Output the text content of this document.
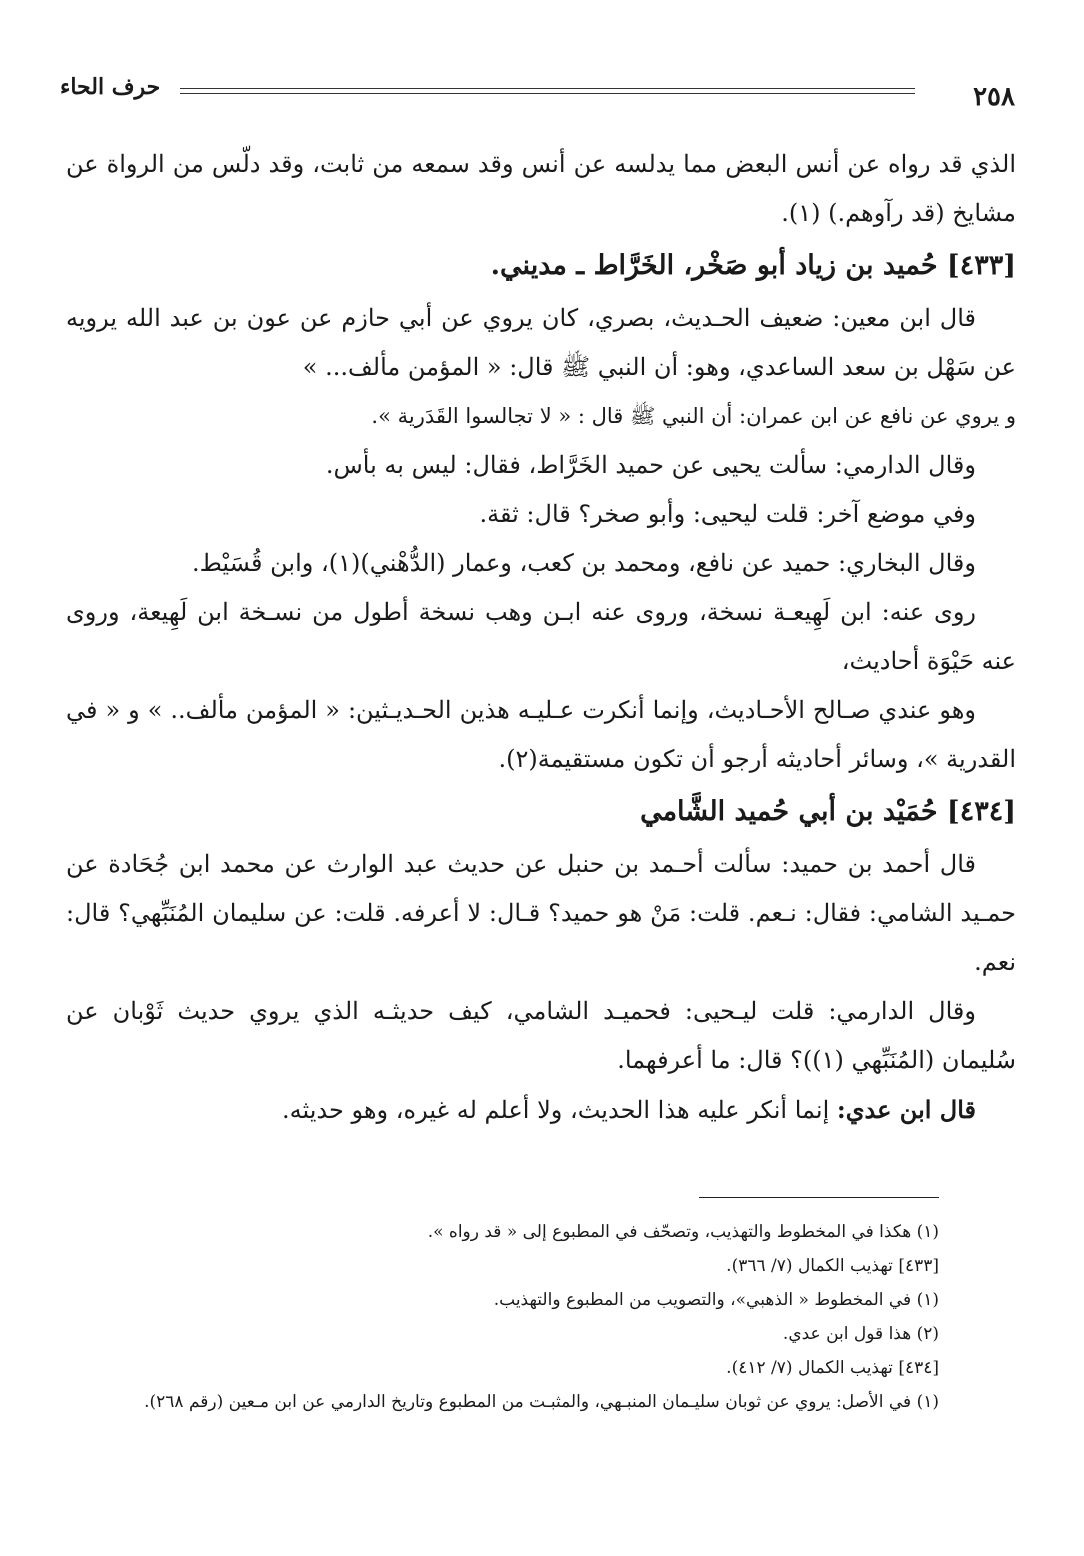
٢٥٨
حرف الحاء

الذي قد رواه عن أنس البعض مما يدلسه عن أنس وقد سمعه من ثابت، وقد دلّس من الرواة عن مشايخ (قد رآوهم.) (١).

[٤٣٣] حُميد بن زياد أبو صَخْر، الخَرَّاط ـ مديني.

قال ابن معين: ضعيف الحـديث، بصري، كان يروي عن أبي حازم عن عون بن عبد الله يرويه عن سَهْل بن سعد الساعدي، وهو: أن النبي ﷺ قال: « المؤمن مألف... »

و يروي عن نافع عن ابن عمران: أن النبي ﷺ قال : « لا تجالسوا القَدَرية ».

وقال الدارمي: سألت يحيى عن حميد الخَرَّاط، فقال: ليس به بأس.

وفي موضع آخر: قلت ليحيى: وأبو صخر؟ قال: ثقة.

وقال البخاري: حميد عن نافع، ومحمد بن كعب، وعمار (الدُّهْني)(١)، وابن قُسَيْط.

روى عنه: ابن لَهِيعـة نسخة، وروى عنه ابـن وهب نسخة أطول من نسـخة ابن لَهِيعة، وروى عنه حَيْوَة أحاديث،

وهو عندي صـالح الأحـاديث، وإنما أنكرت عـليـه هذين الحـديـثين: « المؤمن مألف.. » و « في القدرية »، وسائر أحاديثه أرجو أن تكون مستقيمة(٢).

[٤٣٤] حُمَيْد بن أبي حُميد الشَّامي

قال أحمد بن حميد: سألت أحـمد بن حنبل عن حديث عبد الوارث عن محمد ابن جُحَادة عن حمـيد الشامي: فقال: نـعم. قلت: مَنْ هو حميد؟ قـال: لا أعرفه. قلت: عن سليمان المُنَبِّهي؟ قال: نعم.

وقال الدارمي: قلت ليـحيى: فحميـد الشامي، كيف حديثـه الذي يروي حديث ثَوْبان عن سُليمان (المُنَبِّهي (١))؟ قال: ما أعرفهما.

قال ابن عدي: إنما أنكر عليه هذا الحديث، ولا أعلم له غيره، وهو حديثه.

(١) هكذا في المخطوط والتهذيب، وتصحّف في المطبوع إلى « قد رواه ».

[٤٣٣] تهذيب الكمال (٧/ ٣٦٦).

(١) في المخطوط « الذهبي»، والتصويب من المطبوع والتهذيب.

(٢) هذا قول ابن عدي.

[٤٣٤] تهذيب الكمال (٧/ ٤١٢).

(١) في الأصل: يروي عن ثوبان سليـمان المنبـهي، والمثبـت من المطبوع وتاريخ الدارمي عن ابن مـعين (رقم ٢٦٨).
